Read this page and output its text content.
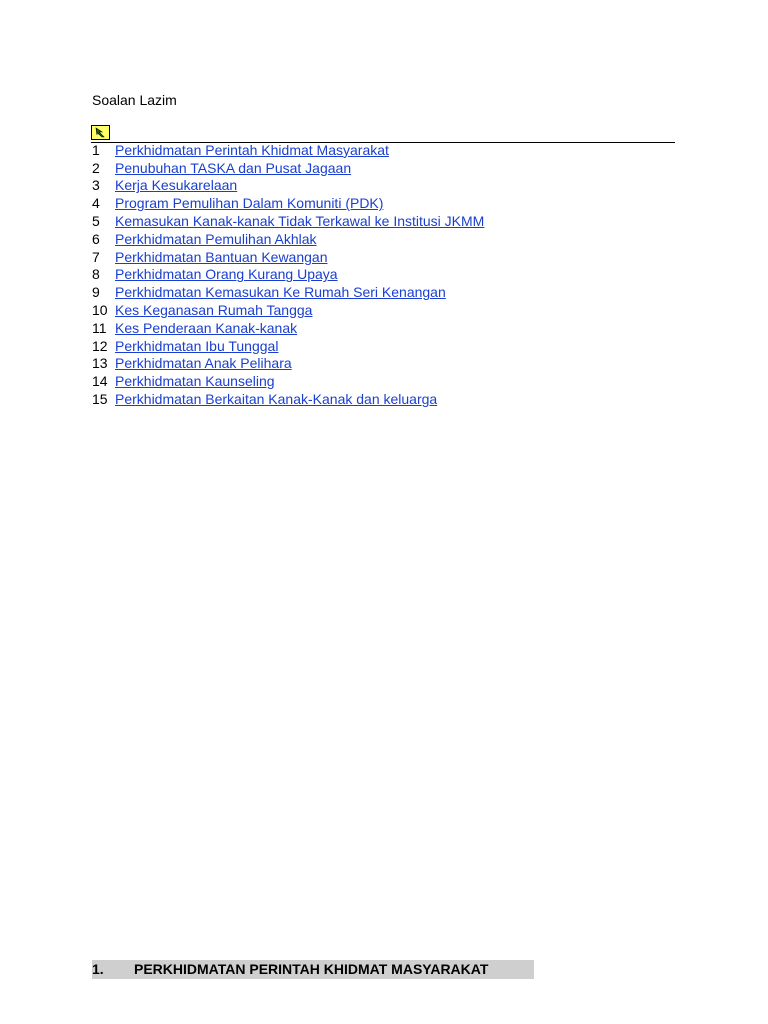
Soalan Lazim
1	Perkhidmatan Perintah Khidmat Masyarakat
2	Penubuhan TASKA dan Pusat Jagaan
3	Kerja Kesukarelaan
4	Program Pemulihan Dalam Komuniti (PDK)
5	Kemasukan Kanak-kanak Tidak Terkawal ke Institusi JKMM
6	Perkhidmatan Pemulihan Akhlak
7	Perkhidmatan Bantuan Kewangan
8	Perkhidmatan Orang Kurang Upaya
9	Perkhidmatan Kemasukan Ke Rumah Seri Kenangan
10 Kes Keganasan Rumah Tangga
11 Kes Penderaan Kanak-kanak
12 Perkhidmatan Ibu Tunggal
13 Perkhidmatan Anak Pelihara
14 Perkhidmatan Kaunseling
15 Perkhidmatan Berkaitan Kanak-Kanak dan keluarga
1.	PERKHIDMATAN PERINTAH KHIDMAT MASYARAKAT
